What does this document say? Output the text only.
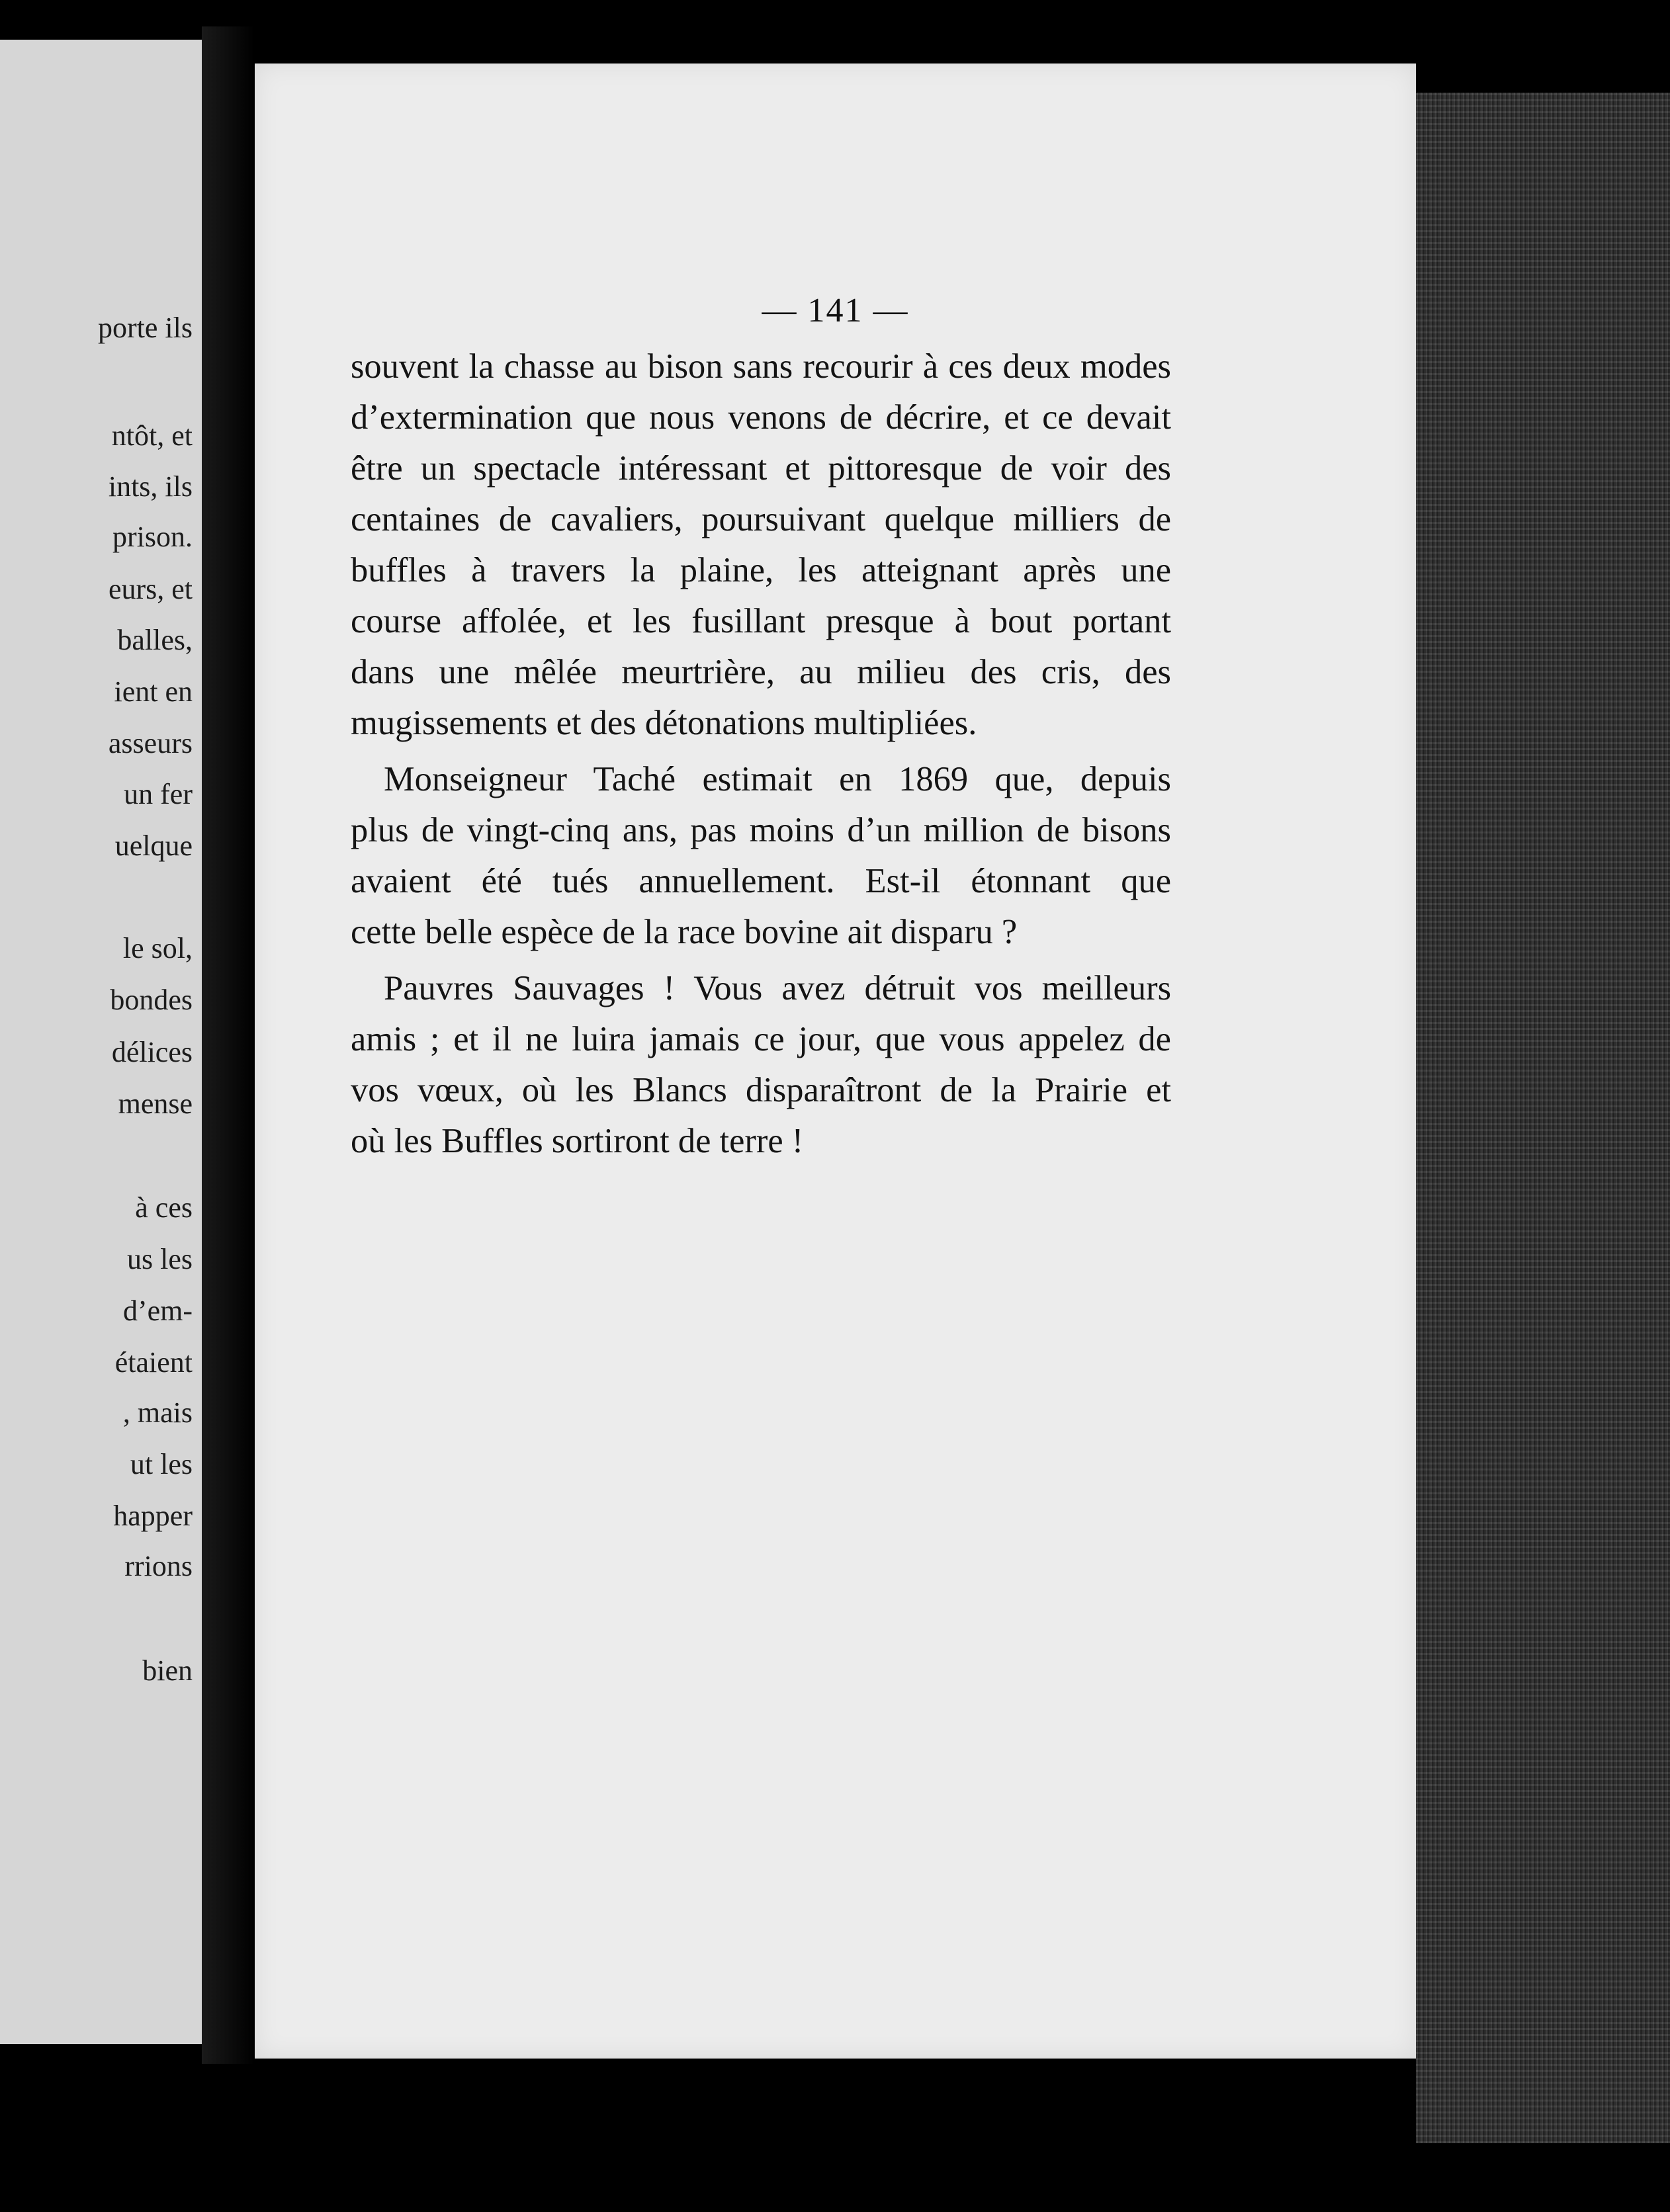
porte ils
ntôt, et
ints, ils
prison.
eurs, et
balles,
ient en
asseurs
un fer
uelque
le sol,
bondes
délices
mense
à ces
us les
d’em-
étaient
, mais
ut les
happer
rrions
bien
— 141 —

souvent la chasse au bison sans recourir à ces deux modes
d’extermination que nous venons de décrire, et ce devait
être un spectacle intéressant et pittoresque de voir des
centaines de cavaliers, poursuivant quelque milliers de
buffles à travers la plaine, les atteignant après une
course affolée, et les fusillant presque à bout portant
dans une mêlée meurtrière, au milieu des cris, des
mugissements et des détonations multipliées.

Monseigneur Taché estimait en 1869 que, depuis
plus de vingt-cinq ans, pas moins d’un million de bisons
avaient été tués annuellement. Est-il étonnant que
cette belle espèce de la race bovine ait disparu ?

Pauvres Sauvages ! Vous avez détruit vos meilleurs
amis ; et il ne luira jamais ce jour, que vous appelez de
vos vœux, où les Blancs disparaîtront de la Prairie et
où les Buffles sortiront de terre !
